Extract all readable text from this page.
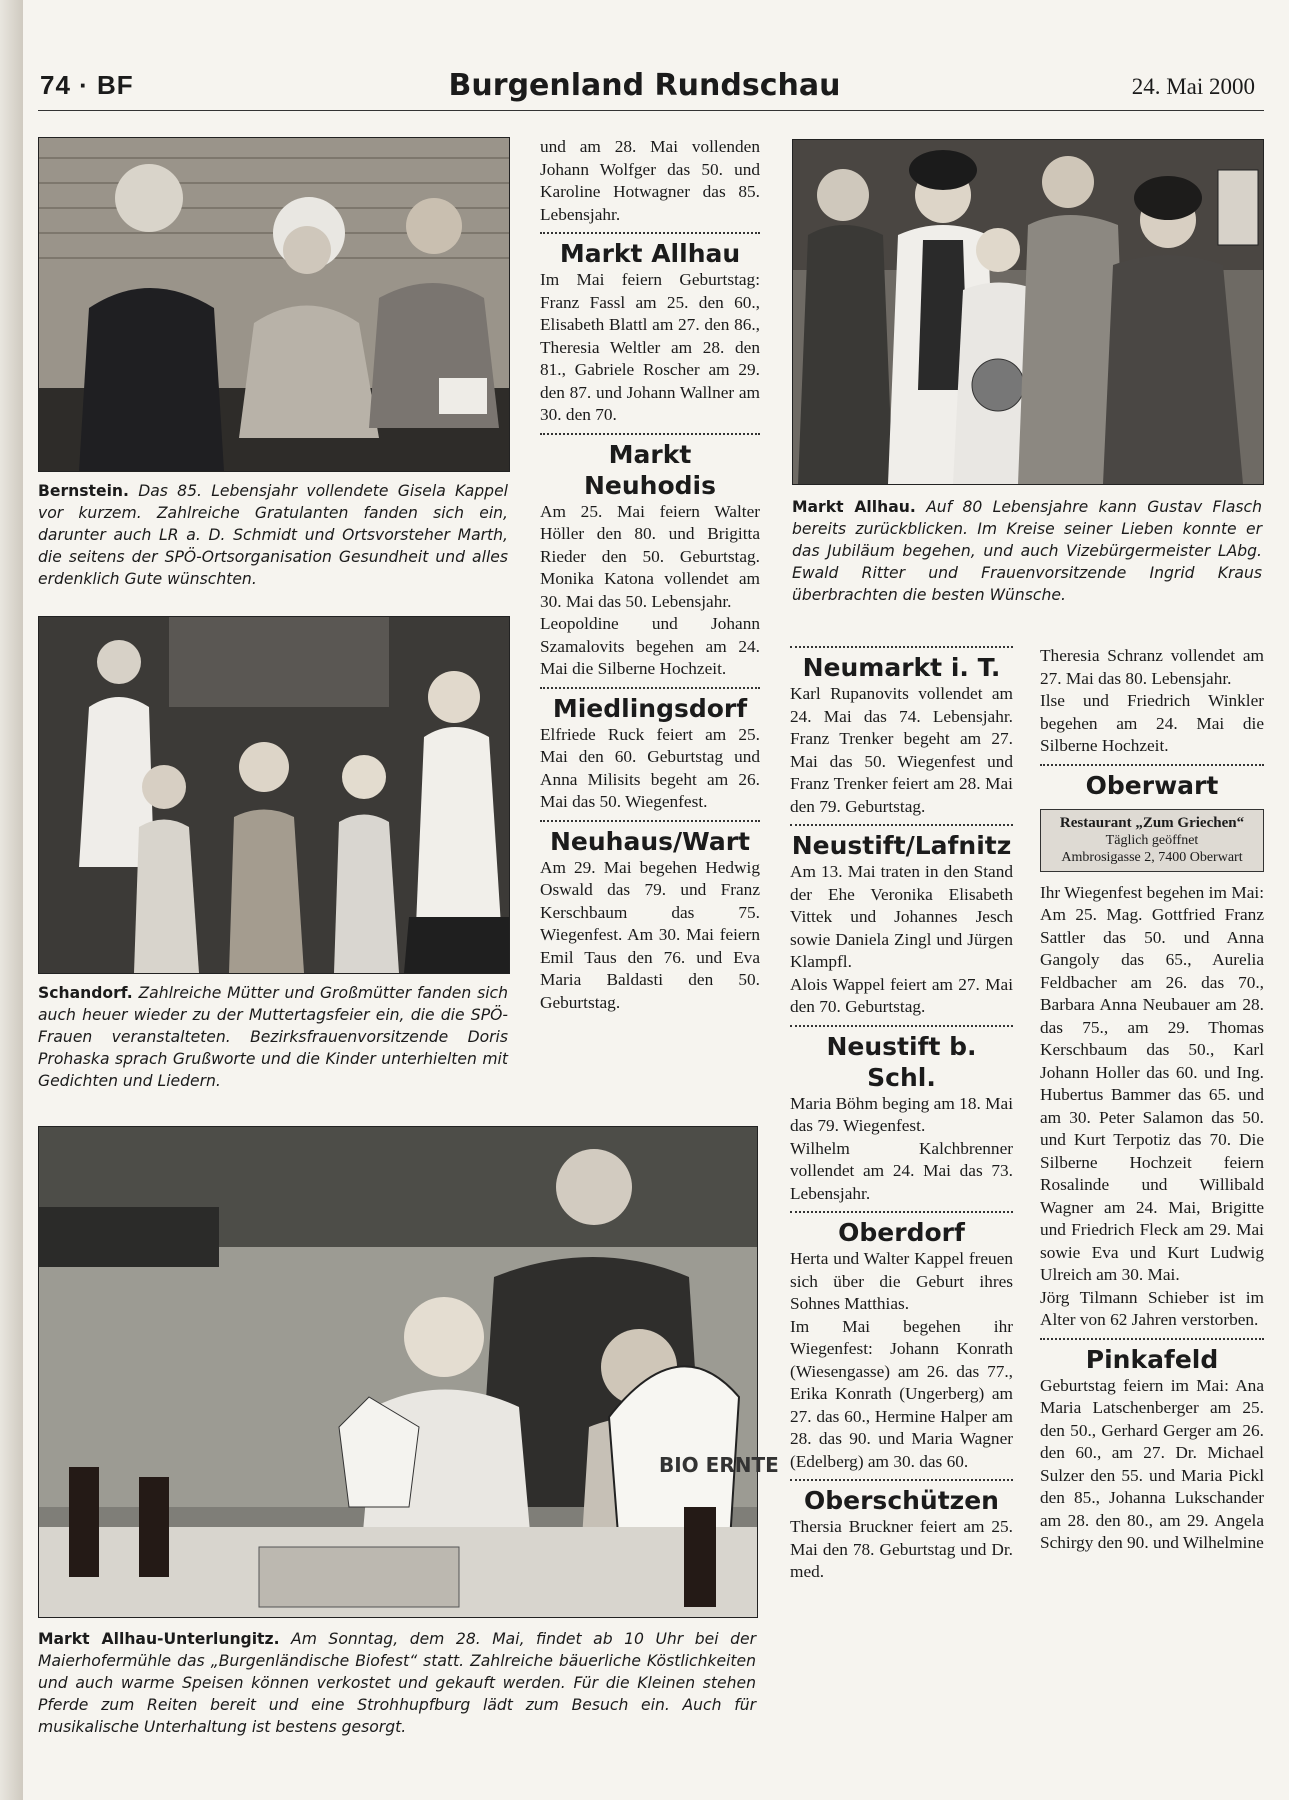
74 · BF	Burgenland Rundschau	24. Mai 2000
Bernstein. Das 85. Lebensjahr vollendete Gisela Kappel vor kurzem. Zahlreiche Gratulanten fanden sich ein, darunter auch LR a. D. Schmidt und Ortsvorsteher Marth, die seitens der SPÖ-Ortsorganisation Gesundheit und alles erdenklich Gute wünschten.
Schandorf. Zahlreiche Mütter und Großmütter fanden sich auch heuer wieder zu der Muttertagsfeier ein, die die SPÖ-Frauen veranstalteten. Bezirksfrauenvorsitzende Doris Prohaska sprach Grußworte und die Kinder unterhielten mit Gedichten und Liedern.
BIO ERNTE
Markt Allhau-Unterlungitz. Am Sonntag, dem 28. Mai, findet ab 10 Uhr bei der Maierhofermühle das „Burgenländische Biofest“ statt. Zahlreiche bäuerliche Köstlichkeiten und auch warme Speisen können verkostet und gekauft werden. Für die Kleinen stehen Pferde zum Reiten bereit und eine Strohhupfburg lädt zum Besuch ein. Auch für musikalische Unterhaltung ist bestens gesorgt.
Markt Allhau. Auf 80 Lebensjahre kann Gustav Flasch bereits zurückblicken. Im Kreise seiner Lieben konnte er das Jubiläum begehen, und auch Vizebürgermeister LAbg. Ewald Ritter und Frauenvorsitzende Ingrid Kraus überbrachten die besten Wünsche.

und am 28. Mai vollenden Johann Wolfger das 50. und Karoline Hotwagner das 85. Lebensjahr.

Markt Allhau

Im Mai feiern Geburtstag: Franz Fassl am 25. den 60., Elisabeth Blattl am 27. den 86., Theresia Weltler am 28. den 81., Gabriele Roscher am 29. den 87. und Johann Wallner am 30. den 70.

Markt Neuhodis

Am 25. Mai feiern Walter Höller den 80. und Brigitta Rieder den 50. Geburtstag. Monika Katona vollendet am 30. Mai das 50. Lebensjahr.

Leopoldine und Johann Szamalovits begehen am 24. Mai die Silberne Hochzeit.

Miedlingsdorf

Elfriede Ruck feiert am 25. Mai den 60. Geburtstag und Anna Milisits begeht am 26. Mai das 50. Wiegenfest.

Neuhaus/Wart

Am 29. Mai begehen Hedwig Oswald das 79. und Franz Kerschbaum das 75. Wiegenfest. Am 30. Mai feiern Emil Taus den 76. und Eva Maria Baldasti den 50. Geburtstag.

Neumarkt i. T.

Karl Rupanovits vollendet am 24. Mai das 74. Lebensjahr. Franz Trenker begeht am 27. Mai das 50. Wiegenfest und Franz Trenker feiert am 28. Mai den 79. Geburtstag.

Neustift/Lafnitz

Am 13. Mai traten in den Stand der Ehe Veronika Elisabeth Vittek und Johannes Jesch sowie Daniela Zingl und Jürgen Klampfl.

Alois Wappel feiert am 27. Mai den 70. Geburtstag.

Neustift b. Schl.

Maria Böhm beging am 18. Mai das 79. Wiegenfest.

Wilhelm Kalchbrenner vollendet am 24. Mai das 73. Lebensjahr.

Oberdorf

Herta und Walter Kappel freuen sich über die Geburt ihres Sohnes Matthias.

Im Mai begehen ihr Wiegenfest: Johann Konrath (Wiesengasse) am 26. das 77., Erika Konrath (Ungerberg) am 27. das 60., Hermine Halper am 28. das 90. und Maria Wagner (Edelberg) am 30. das 60.

Oberschützen

Thersia Bruckner feiert am 25. Mai den 78. Geburtstag und Dr. med.

Theresia Schranz vollendet am 27. Mai das 80. Lebensjahr.

Ilse und Friedrich Winkler begehen am 24. Mai die Silberne Hochzeit.

Oberwart
Restaurant „Zum Griechen“
Täglich geöffnet
Ambrosigasse 2, 7400 Oberwart

Ihr Wiegenfest begehen im Mai: Am 25. Mag. Gottfried Franz Sattler das 50. und Anna Gangoly das 65., Aurelia Feldbacher am 26. das 70., Barbara Anna Neubauer am 28. das 75., am 29. Thomas Kerschbaum das 50., Karl Johann Holler das 60. und Ing. Hubertus Bammer das 65. und am 30. Peter Salamon das 50. und Kurt Terpotiz das 70. Die Silberne Hochzeit feiern Rosalinde und Willibald Wagner am 24. Mai, Brigitte und Friedrich Fleck am 29. Mai sowie Eva und Kurt Ludwig Ulreich am 30. Mai.

Jörg Tilmann Schieber ist im Alter von 62 Jahren verstorben.

Pinkafeld

Geburtstag feiern im Mai: Ana Maria Latschenberger am 25. den 50., Gerhard Gerger am 26. den 60., am 27. Dr. Michael Sulzer den 55. und Maria Pickl den 85., Johanna Lukschander am 28. den 80., am 29. Angela Schirgy den 90. und Wilhelmine
